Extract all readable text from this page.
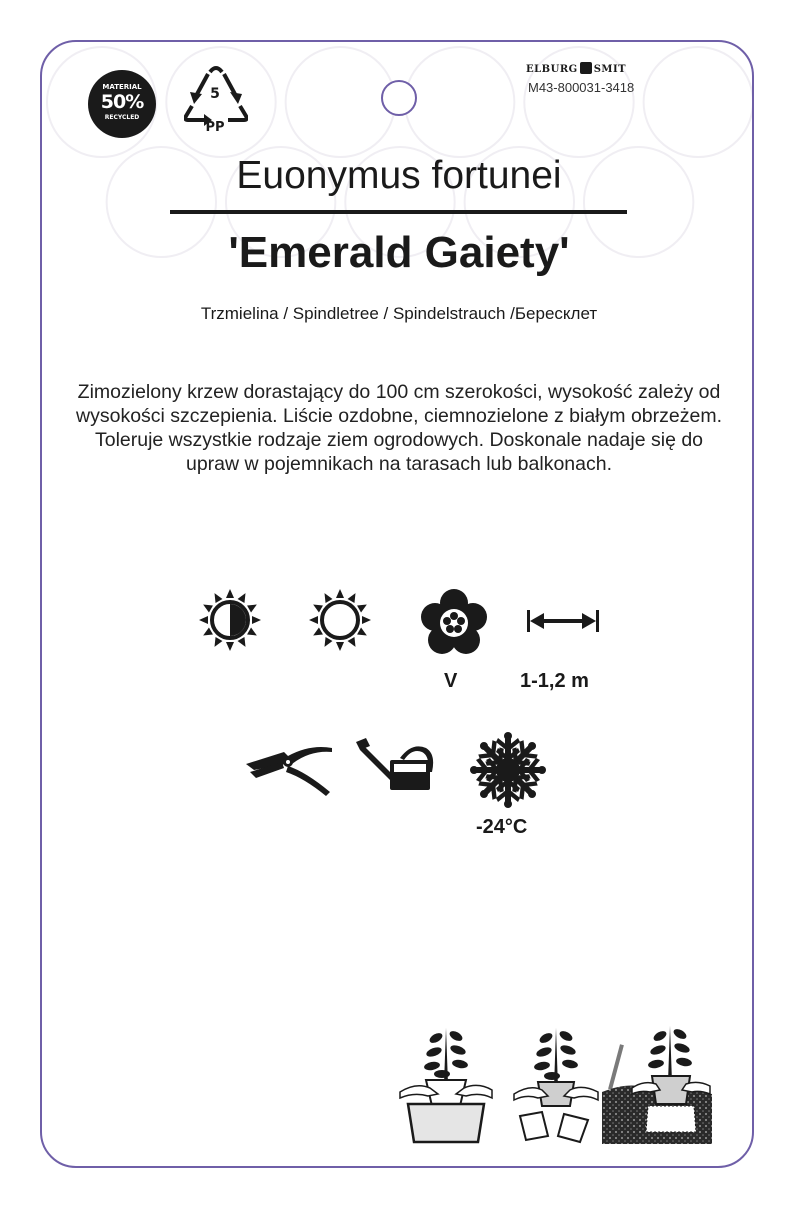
MATERIAL
50%
RECYCLED
5
PP
ELBURG SMIT
M43-800031-3418
Euonymus fortunei
'Emerald Gaiety'
Trzmielina / Spindletree / Spindelstrauch /Бересклет
Zimozielony krzew dorastający do 100 cm szerokości, wysokość zależy od wysokości szczepienia. Liście ozdobne, ciemnozielone z białym obrzeżem. Toleruje wszystkie rodzaje ziem ogrodowych. Doskonale nadaje się do upraw w pojemnikach na tarasach lub balkonach.
V	1-1,2 m
-24°C
